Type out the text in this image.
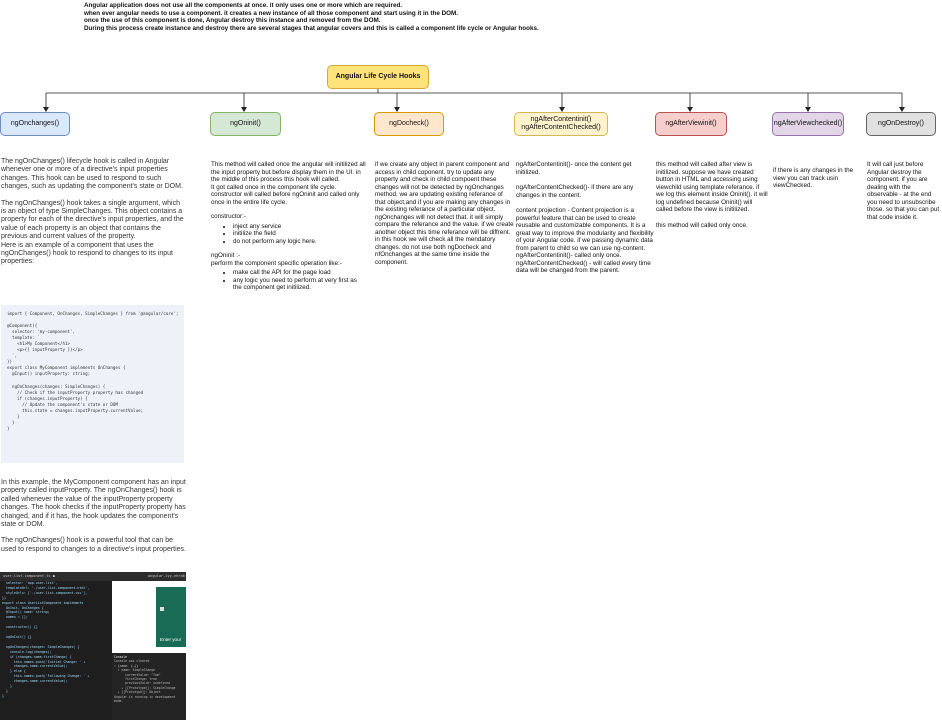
Angular application does not use all the components at once. it only uses one or more which are required.
when ever angular needs to use a component. it creates a new instance of all those component and start using it in the DOM.
once the use of this component is done, Angular destroy this instance and removed from the DOM.
During this process create instance and destroy there are several stages that angular covers and this is called a component life cycle or Angular hooks.
Angular Life Cycle Hooks
ngOnchanges()	ngOninit()	ngDocheck()
ngAfterContentinit()
ngAfterContentChecked()
ngAfterViewinit()	ngAfterViewchecked()	ngOnDestroy()

The ngOnChanges() lifecycle hook is called in Angular whenever one or more of a directive's input properties changes. This hook can be used to respond to such changes, such as updating the component's state or DOM.

The ngOnChanges() hook takes a single argument, which is an object of type SimpleChanges. This object contains a property for each of the directive's input properties, and the value of each property is an object that contains the previous and current values of the property.

Here is an example of a component that uses the ngOnChanges() hook to respond to changes to its input properties:

import { Component, OnChanges, SimpleChanges } from '@angular/core';

@Component({
selector: 'my-component',
template: `
<h1>My Component</h1>
<p>{{ inputProperty }}</p>
`,
})
export class MyComponent implements OnChanges {
@Input() inputProperty: string;

ngOnChanges(changes: SimpleChanges) {
// Check if the inputProperty property has changed
if (changes.inputProperty) {
// Update the component's state or DOM
this.state = changes.inputProperty.currentValue;
}
}
}

In this example, the MyComponent component has an input property called inputProperty. The ngOnChanges() hook is called whenever the value of the inputProperty property changes. The hook checks if the inputProperty property has changed, and if it has, the hook updates the component's state or DOM.

The ngOnChanges() hook is a powerful tool that can be used to respond to changes to a directive's input properties.

user-list.component.ts ●	angular-ivy-nhrdb
selector: 'app-user-list',
templateUrl: './user-list.component.html',
styleUrls: ['./user-list.component.css'],
})
export class UserListComponent implements
OnInit, OnChanges {
@Input() name: string;
names = [];

constructor() {}

ngOnInit() {}

ngOnChanges(changes: SimpleChanges) {
console.log(changes);
if (changes.name.firstChange) {
this.names.push('Initial Change: ' +
changes.name.currentValue);
} else {
this.names.push('Following Change: ' +
changes.name.currentValue);
}
}
}
Enter your
Console
Console was cleared
▾ {name: {…}}
▾ name: SimpleChange
currentValue: "Tom"
firstChange: true
previousValue: undefined
▸ [[Prototype]]: SimpleChange
▸ [[Prototype]]: Object
Angular is running in development
mode.

This method will called once the angular will initilized all the input property but before display them in the UI. in the middle of this process this hook will called.

It got called once in the component life cycle.

constructor will called before ngOninit and called only once in the entire life cycle.

constructor:-

• inject any service
• initilize the field
• do not perform any logic here.

ngOninit :-

perform the component specific operation like:-

• make call the API for the page load
• any logic you need to perform at very first as the component get initilized.

if we create any object in parent component and access in child coponent. try to update any property and check in child compoent these changes will not be detected by ngOnchanges method. we are updating existing referance of that object,and if you are making any changes in the existing referance of a particular object. ngOnchanges will not detect that. it will simply compare the referance and the value. if we create another object this time referance will be diffrent. in this hook we will check all the mendatory changes. do not use both ngDocheck and nfOnchanges at the same time inside the component.

ngAfterContentinit()- once the content get initilized.

ngAfterContentChecked()- if there are any changes in the content.

content projection - Content projection is a powerful feature that can be used to create reusable and customizable components. It is a great way to improve the modularity and flexibility of your Angular code. if we passing dynamic data from parent to child so we can use ng-content. ngAfterContentinit()- called only once. ngAfterContentChecked() - will called every time data will be changed from the parent.

this method will called after view is initilized. suppose we have created button in HTML and accessing using viewchild using template referance. if we log this element inside Oninit(). it will log undefined because Oninit() will called before the view is initilized.

this method will called only once.

if there is any changes in the view you can track usin viewChecked.

It will call just before Angular destroy the component. if you are dealing with the observable - at the end you need to unsubscribe those. so that you can put that code inside it.
